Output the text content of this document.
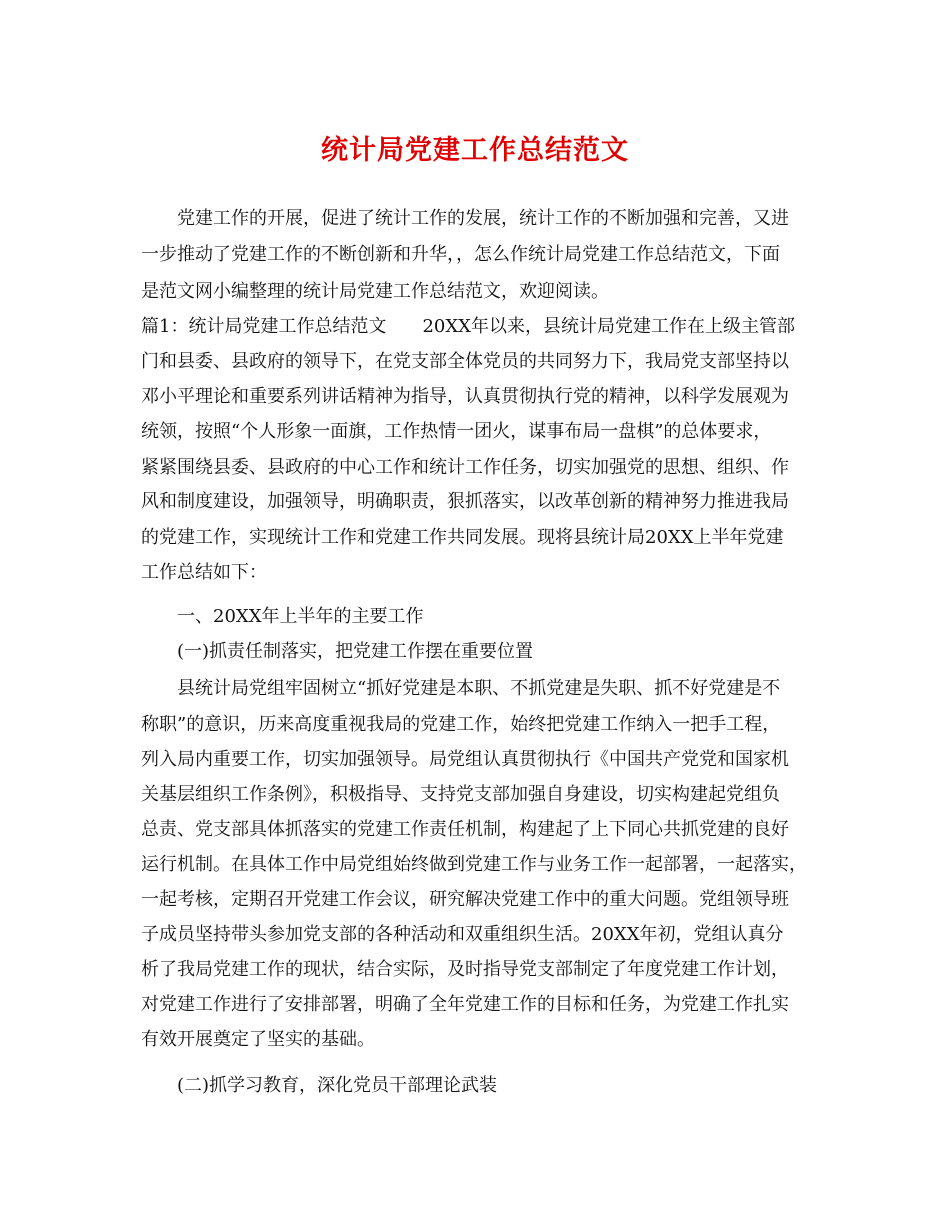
统计局党建工作总结范文
党建工作的开展，促进了统计工作的发展，统计工作的不断加强和完善，又进
一步推动了党建工作的不断创新和升华，，怎么作统计局党建工作总结范文，下面
是范文网小编整理的统计局党建工作总结范文，欢迎阅读。
篇1：统计局党建工作总结范文　　20XX年以来，县统计局党建工作在上级主管部
门和县委、县政府的领导下，在党支部全体党员的共同努力下，我局党支部坚持以
邓小平理论和重要系列讲话精神为指导，认真贯彻执行党的精神，以科学发展观为
统领，按照“个人形象一面旗，工作热情一团火，谋事布局一盘棋”的总体要求，
紧紧围绕县委、县政府的中心工作和统计工作任务，切实加强党的思想、组织、作
风和制度建设，加强领导，明确职责，狠抓落实，以改革创新的精神努力推进我局
的党建工作，实现统计工作和党建工作共同发展。现将县统计局20XX上半年党建
工作总结如下：
一、20XX年上半年的主要工作
(一)抓责任制落实，把党建工作摆在重要位置
县统计局党组牢固树立“抓好党建是本职、不抓党建是失职、抓不好党建是不
称职”的意识，历来高度重视我局的党建工作，始终把党建工作纳入一把手工程，
列入局内重要工作，切实加强领导。局党组认真贯彻执行《中国共产党党和国家机
关基层组织工作条例》，积极指导、支持党支部加强自身建设，切实构建起党组负
总责、党支部具体抓落实的党建工作责任机制，构建起了上下同心共抓党建的良好
运行机制。在具体工作中局党组始终做到党建工作与业务工作一起部署，一起落实，
一起考核，定期召开党建工作会议，研究解决党建工作中的重大问题。党组领导班
子成员坚持带头参加党支部的各种活动和双重组织生活。20XX年初，党组认真分
析了我局党建工作的现状，结合实际，及时指导党支部制定了年度党建工作计划，
对党建工作进行了安排部署，明确了全年党建工作的目标和任务，为党建工作扎实
有效开展奠定了坚实的基础。
(二)抓学习教育，深化党员干部理论武装
